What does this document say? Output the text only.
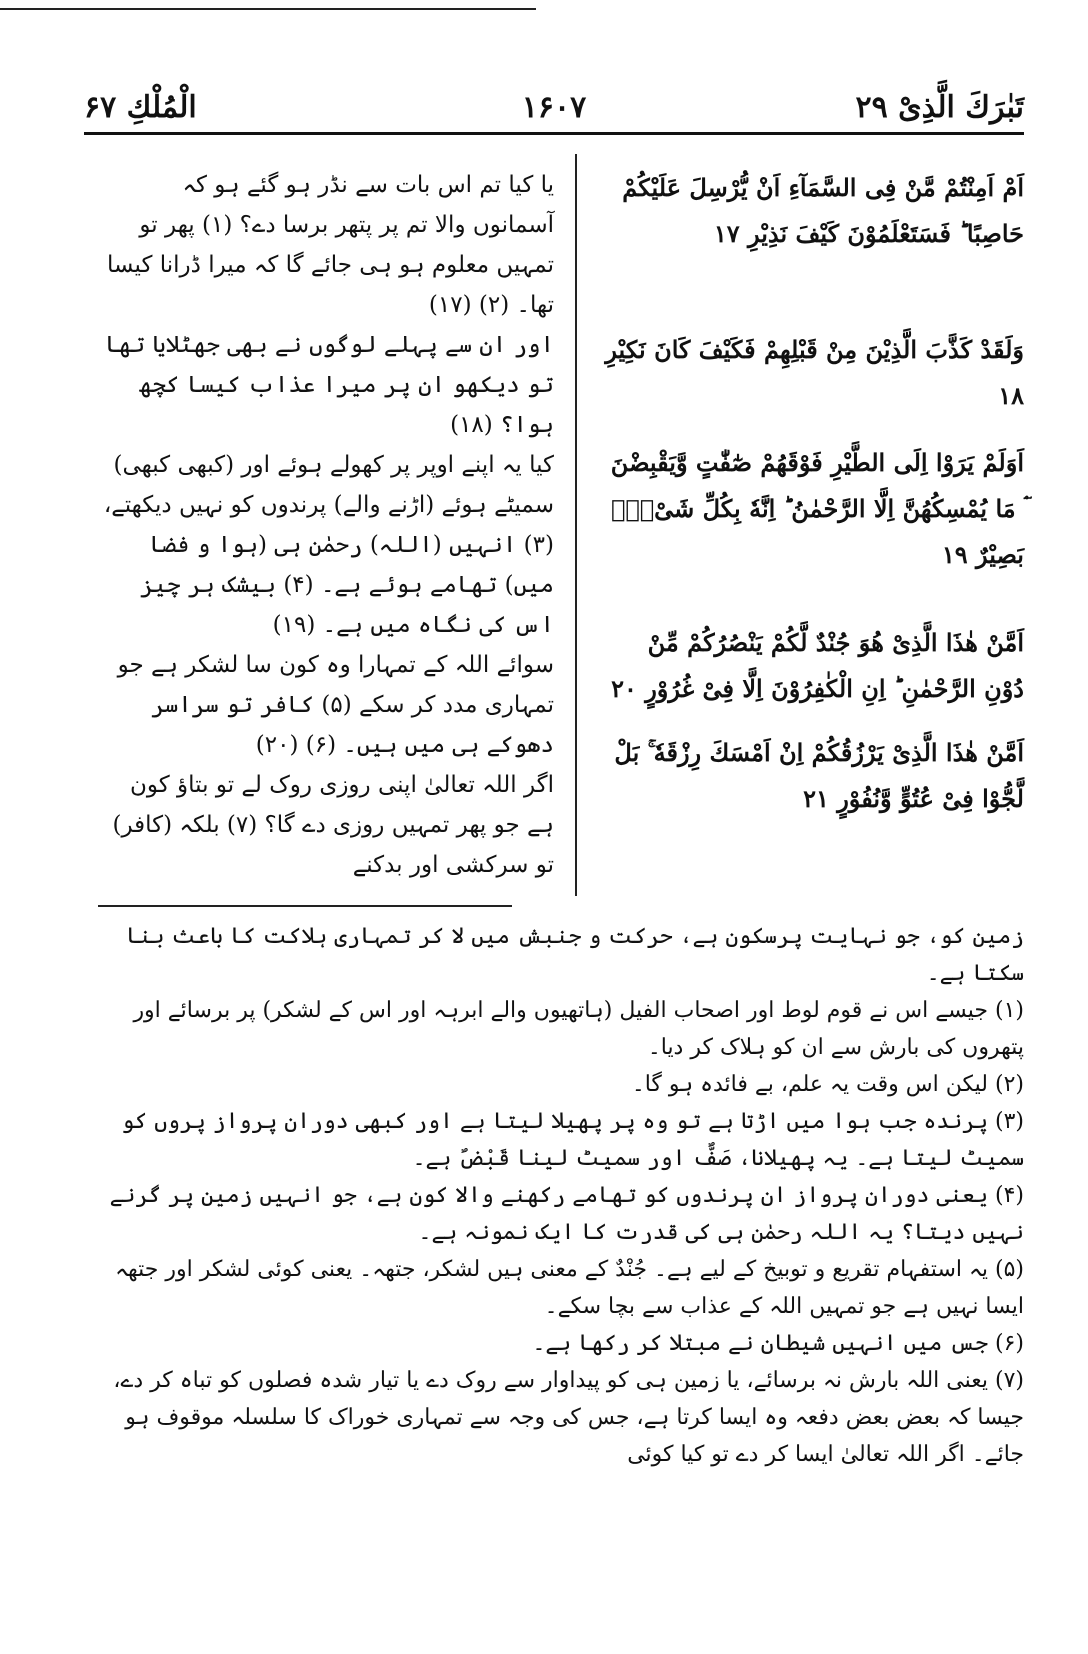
تَبٰرَكَ الَّذِیْ ۲۹
۱۶۰۷
الْمُلْكِ ۶۷
اَمْ اَمِنْتُمْ مَّنْ فِی السَّمَآءِ اَنْ یُّرْسِلَ عَلَیْكُمْ حَاصِبًا ؕ فَسَتَعْلَمُوْنَ كَیْفَ نَذِیْرِ ۱۷
وَلَقَدْ كَذَّبَ الَّذِیْنَ مِنْ قَبْلِهِمْ فَكَیْفَ كَانَ نَكِیْرِ ۱۸
اَوَلَمْ یَرَوْا اِلَی الطَّیْرِ فَوْقَهُمْ صٰٓفّٰتٍ وَّیَقْبِضْنَ ؔۘ مَا یُمْسِكُهُنَّ اِلَّا الرَّحْمٰنُ ؕ اِنَّهٗ بِكُلِّ شَیْءٍۭ بَصِیْرٌ ۱۹
اَمَّنْ هٰذَا الَّذِیْ هُوَ جُنْدٌ لَّكُمْ یَنْصُرُكُمْ مِّنْ دُوْنِ الرَّحْمٰنِ ؕ اِنِ الْكٰفِرُوْنَ اِلَّا فِیْ غُرُوْرٍ ۲۰
اَمَّنْ هٰذَا الَّذِیْ یَرْزُقُكُمْ اِنْ اَمْسَكَ رِزْقَهٗ ۚ بَلْ لَّجُّوْا فِیْ عُتُوٍّ وَّنُفُوْرٍ ۲۱

یا کیا تم اس بات سے نڈر ہو گئے ہو کہ آسمانوں والا تم پر پتھر برسا دے؟ (۱) پھر تو تمہیں معلوم ہو ہی جائے گا کہ میرا ڈرانا کیسا تھا۔ (۲) (۱۷)

اور ان سے پہلے لوگوں نے بھی جھٹلایا تھا تو دیکھو ان پر میرا عذاب کیسا کچھ ہوا؟ (۱۸)

کیا یہ اپنے اوپر پر کھولے ہوئے اور (کبھی کبھی) سمیٹے ہوئے (اڑنے والے) پرندوں کو نہیں دیکھتے، (۳) انہیں (اللہ) رحمٰن ہی (ہوا و فضا میں) تھامے ہوئے ہے۔ (۴) بیشک ہر چیز اس کی نگاہ میں ہے۔ (۱۹)

سوائے اللہ کے تمہارا وہ کون سا لشکر ہے جو تمہاری مدد کر سکے (۵) کافر تو سراسر دھوکے ہی میں ہیں۔ (۶) (۲۰)

اگر اللہ تعالیٰ اپنی روزی روک لے تو بتاؤ کون ہے جو پھر تمہیں روزی دے گا؟ (۷) بلکہ (کافر) تو سرکشی اور بدکنے

زمین کو، جو نہایت پرسکون ہے، حرکت و جنبش میں لا کر تمہاری ہلاکت کا باعث بنا سکتا ہے۔

(۱) جیسے اس نے قوم لوط اور اصحاب الفیل (ہاتھیوں والے ابرہہ اور اس کے لشکر) پر برسائے اور پتھروں کی بارش سے ان کو ہلاک کر دیا۔

(۲) لیکن اس وقت یہ علم، بے فائدہ ہو گا۔

(۳) پرندہ جب ہوا میں اڑتا ہے تو وہ پر پھیلا لیتا ہے اور کبھی دوران پرواز پروں کو سمیٹ لیتا ہے۔ یہ پھیلانا، صَفٌّ اور سمیٹ لینا قَبْضٌ ہے۔

(۴) یعنی دوران پرواز ان پرندوں کو تھامے رکھنے والا کون ہے، جو انہیں زمین پر گرنے نہیں دیتا؟ یہ اللہ رحمٰن ہی کی قدرت کا ایک نمونہ ہے۔

(۵) یہ استفہام تقریع و توبیخ کے لیے ہے۔ جُنْدٌ کے معنی ہیں لشکر، جتھہ۔ یعنی کوئی لشکر اور جتھہ ایسا نہیں ہے جو تمہیں اللہ کے عذاب سے بچا سکے۔

(۶) جس میں انہیں شیطان نے مبتلا کر رکھا ہے۔

(۷) یعنی اللہ بارش نہ برسائے، یا زمین ہی کو پیداوار سے روک دے یا تیار شدہ فصلوں کو تباہ کر دے، جیسا کہ بعض بعض دفعہ وہ ایسا کرتا ہے، جس کی وجہ سے تمہاری خوراک کا سلسلہ موقوف ہو جائے۔ اگر اللہ تعالیٰ ایسا کر دے تو کیا کوئی
